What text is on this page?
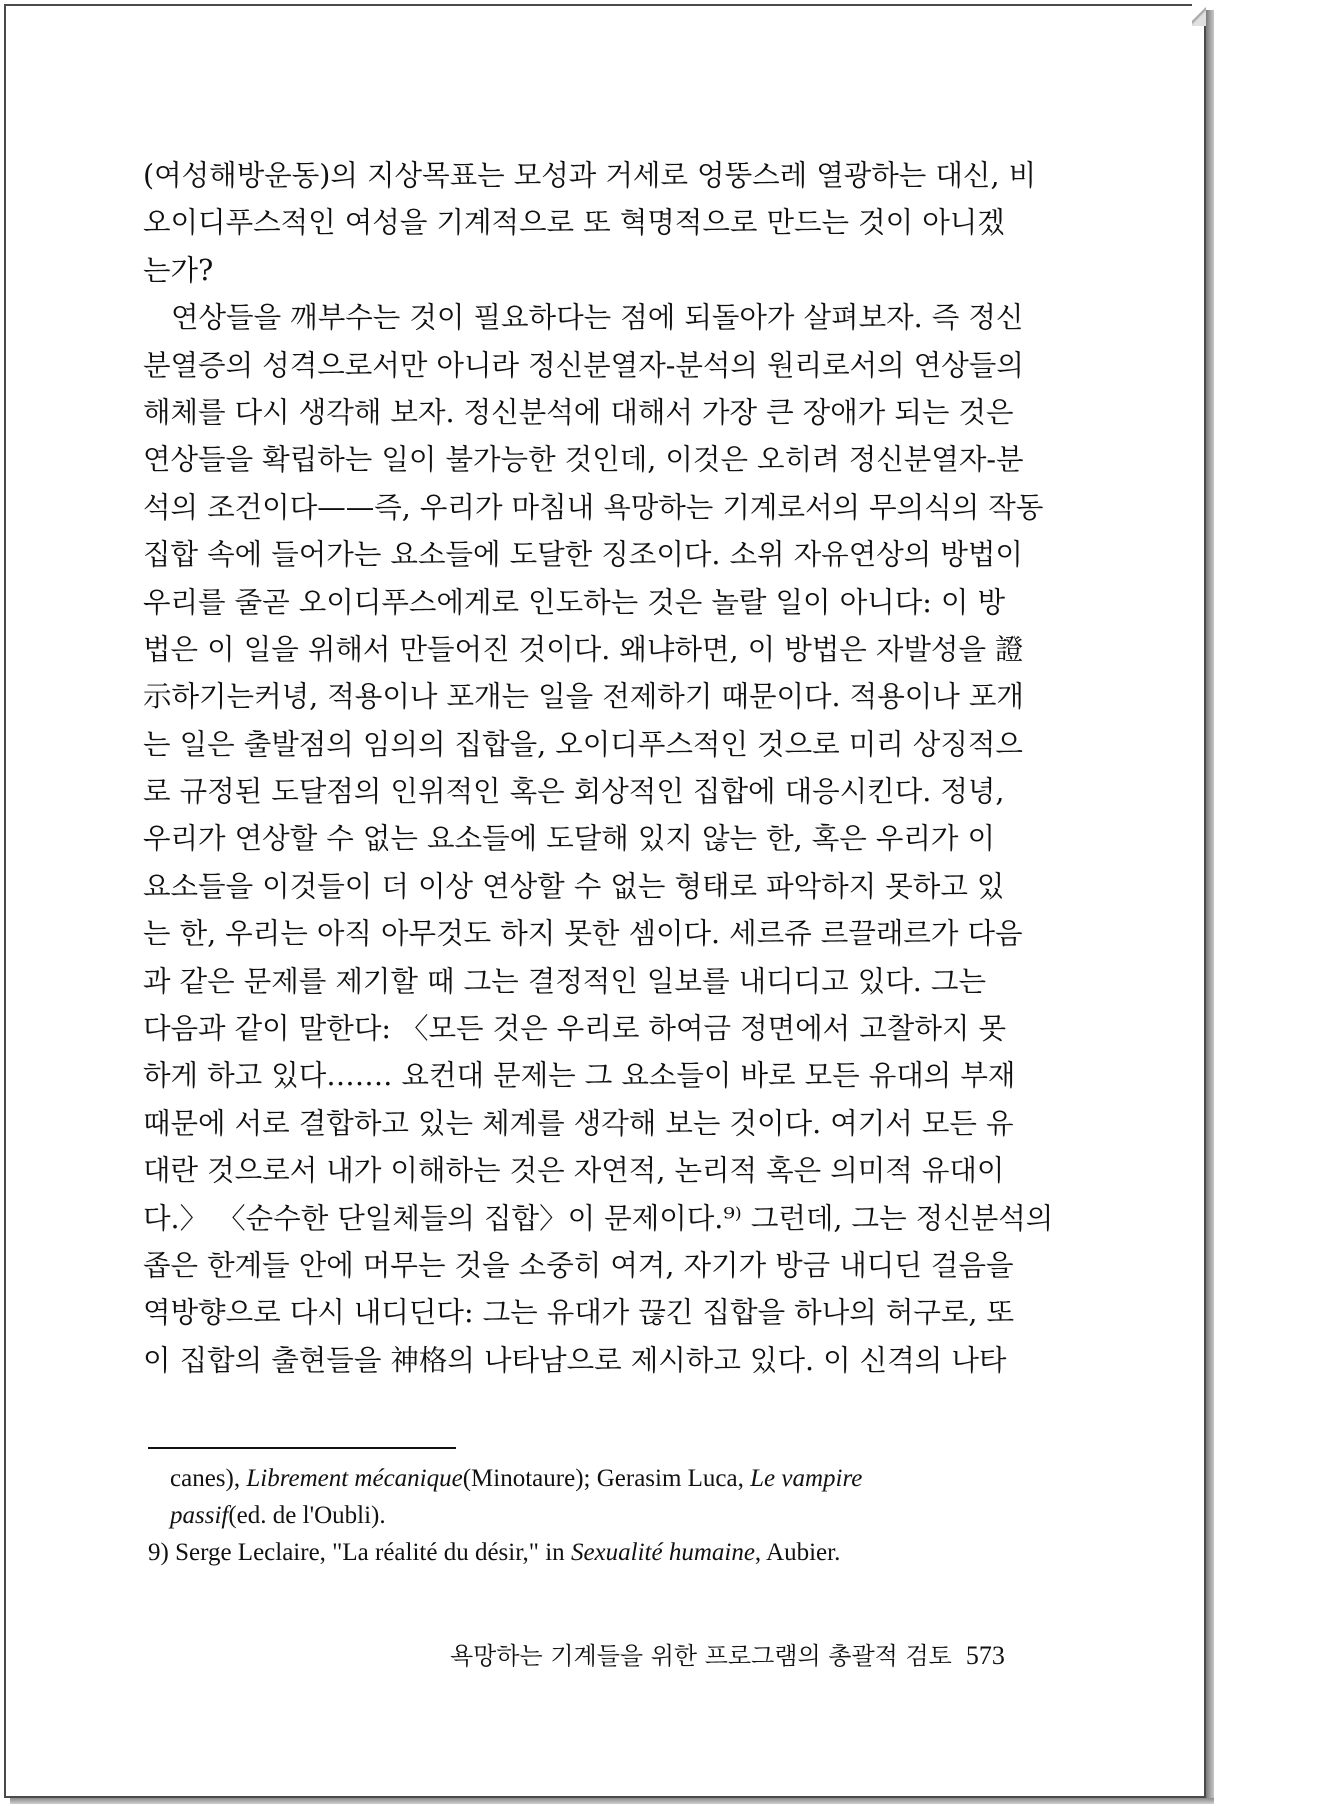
(여성해방운동)의 지상목표는 모성과 거세로 엉뚱스레 열광하는 대신, 비
오이디푸스적인 여성을 기계적으로 또 혁명적으로 만드는 것이 아니겠
는가?
연상들을 깨부수는 것이 필요하다는 점에 되돌아가 살펴보자. 즉 정신
분열증의 성격으로서만 아니라 정신분열자-분석의 원리로서의 연상들의
해체를 다시 생각해 보자. 정신분석에 대해서 가장 큰 장애가 되는 것은
연상들을 확립하는 일이 불가능한 것인데, 이것은 오히려 정신분열자-분
석의 조건이다——즉, 우리가 마침내 욕망하는 기계로서의 무의식의 작동
집합 속에 들어가는 요소들에 도달한 징조이다. 소위 자유연상의 방법이
우리를 줄곧 오이디푸스에게로 인도하는 것은 놀랄 일이 아니다: 이 방
법은 이 일을 위해서 만들어진 것이다. 왜냐하면, 이 방법은 자발성을 證
示하기는커녕, 적용이나 포개는 일을 전제하기 때문이다. 적용이나 포개
는 일은 출발점의 임의의 집합을, 오이디푸스적인 것으로 미리 상징적으
로 규정된 도달점의 인위적인 혹은 회상적인 집합에 대응시킨다. 정녕,
우리가 연상할 수 없는 요소들에 도달해 있지 않는 한, 혹은 우리가 이
요소들을 이것들이 더 이상 연상할 수 없는 형태로 파악하지 못하고 있
는 한, 우리는 아직 아무것도 하지 못한 셈이다. 세르쥬 르끌래르가 다음
과 같은 문제를 제기할 때 그는 결정적인 일보를 내디디고 있다. 그는
다음과 같이 말한다: 〈모든 것은 우리로 하여금 정면에서 고찰하지 못
하게 하고 있다……. 요컨대 문제는 그 요소들이 바로 모든 유대의 부재
때문에 서로 결합하고 있는 체계를 생각해 보는 것이다. 여기서 모든 유
대란 것으로서 내가 이해하는 것은 자연적, 논리적 혹은 의미적 유대이
다.〉 〈순수한 단일체들의 집합〉이 문제이다.⁹⁾ 그런데, 그는 정신분석의
좁은 한계들 안에 머무는 것을 소중히 여겨, 자기가 방금 내디딘 걸음을
역방향으로 다시 내디딘다: 그는 유대가 끊긴 집합을 하나의 허구로, 또
이 집합의 출현들을 神格의 나타남으로 제시하고 있다. 이 신격의 나타
canes), Librement mécanique(Minotaure); Gerasim Luca, Le vampire
passif(ed. de l'Oubli).
9) Serge Leclaire, "La réalité du désir," in Sexualité humaine, Aubier.
욕망하는 기계들을 위한 프로그램의 총괄적 검토 573
